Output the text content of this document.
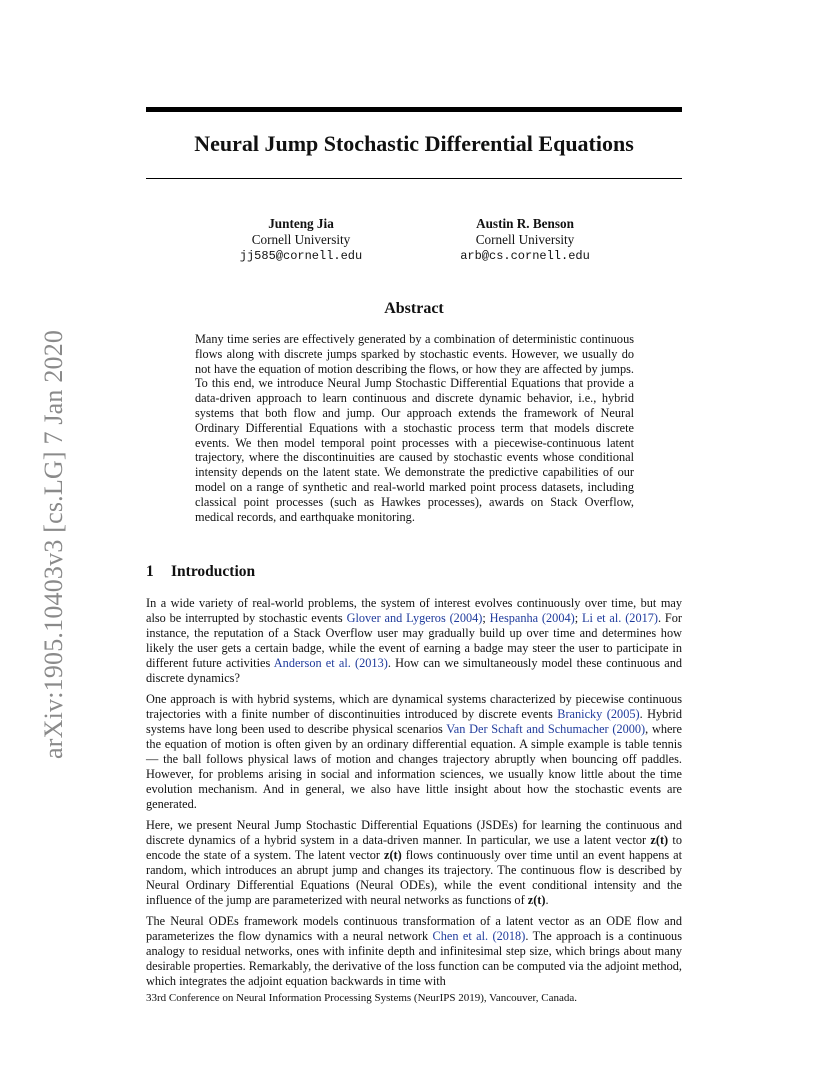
arXiv:1905.10403v3 [cs.LG] 7 Jan 2020
Neural Jump Stochastic Differential Equations
Junteng Jia
Cornell University
jj585@cornell.edu
Austin R. Benson
Cornell University
arb@cs.cornell.edu
Abstract

Many time series are effectively generated by a combination of deterministic continuous flows along with discrete jumps sparked by stochastic events. However, we usually do not have the equation of motion describing the flows, or how they are affected by jumps. To this end, we introduce Neural Jump Stochastic Differential Equations that provide a data-driven approach to learn continuous and discrete dynamic behavior, i.e., hybrid systems that both flow and jump. Our approach extends the framework of Neural Ordinary Differential Equations with a stochastic process term that models discrete events. We then model temporal point processes with a piecewise-continuous latent trajectory, where the discontinuities are caused by stochastic events whose conditional intensity depends on the latent state. We demonstrate the predictive capabilities of our model on a range of synthetic and real-world marked point process datasets, including classical point processes (such as Hawkes processes), awards on Stack Overflow, medical records, and earthquake monitoring.

1 Introduction

In a wide variety of real-world problems, the system of interest evolves continuously over time, but may also be interrupted by stochastic events Glover and Lygeros (2004); Hespanha (2004); Li et al. (2017). For instance, the reputation of a Stack Overflow user may gradually build up over time and determines how likely the user gets a certain badge, while the event of earning a badge may steer the user to participate in different future activities Anderson et al. (2013). How can we simultaneously model these continuous and discrete dynamics?

One approach is with hybrid systems, which are dynamical systems characterized by piecewise continuous trajectories with a finite number of discontinuities introduced by discrete events Branicky (2005). Hybrid systems have long been used to describe physical scenarios Van Der Schaft and Schumacher (2000), where the equation of motion is often given by an ordinary differential equation. A simple example is table tennis — the ball follows physical laws of motion and changes trajectory abruptly when bouncing off paddles. However, for problems arising in social and information sciences, we usually know little about the time evolution mechanism. And in general, we also have little insight about how the stochastic events are generated.

Here, we present Neural Jump Stochastic Differential Equations (JSDEs) for learning the continuous and discrete dynamics of a hybrid system in a data-driven manner. In particular, we use a latent vector z(t) to encode the state of a system. The latent vector z(t) flows continuously over time until an event happens at random, which introduces an abrupt jump and changes its trajectory. The continuous flow is described by Neural Ordinary Differential Equations (Neural ODEs), while the event conditional intensity and the influence of the jump are parameterized with neural networks as functions of z(t).

The Neural ODEs framework models continuous transformation of a latent vector as an ODE flow and parameterizes the flow dynamics with a neural network Chen et al. (2018). The approach is a continuous analogy to residual networks, ones with infinite depth and infinitesimal step size, which brings about many desirable properties. Remarkably, the derivative of the loss function can be computed via the adjoint method, which integrates the adjoint equation backwards in time with

33rd Conference on Neural Information Processing Systems (NeurIPS 2019), Vancouver, Canada.
